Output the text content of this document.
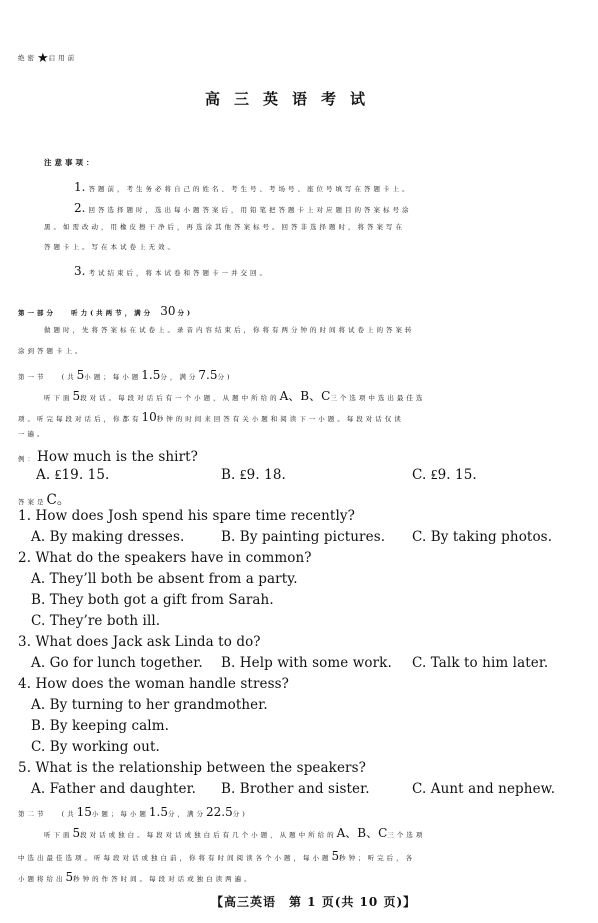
绝密★启用前
高三英语考试
注意事项：
1. 答题前，考生务必将自己的姓名、考生号、考场号、座位号填写在答题卡上。
2. 回答选择题时，选出每小题答案后，用铅笔把答题卡上对应题目的答案标号涂
黑。如需改动，用橡皮擦干净后，再选涂其他答案标号。回答非选择题时，将答案写在
答题卡上。写在本试卷上无效。
3. 考试结束后，将本试卷和答题卡一并交回。
第一部分 听力(共两节，满分 30 分)
做题时，先将答案标在试卷上。录音内容结束后，你将有两分钟的时间将试卷上的答案转
涂到答题卡上。
第一节 (共5小题；每小题1.5分，满分7.5分)
听下面5段对话。每段对话后有一个小题，从题中所给的A、B、C三个选项中选出最佳选
项。听完每段对话后，你都有10秒钟的时间来回答有关小题和阅读下一小题。每段对话仅读
一遍。
例：How much is the shirt?
A. ₤19. 15.	B. ₤9. 18.	C. ₤9. 15.
答案是C。
1. How does Josh spend his spare time recently?
A. By making dresses.	B. By painting pictures. C. By taking photos.
2. What do the speakers have in common?
A. They’ll both be absent from a party.
B. They both got a gift from Sarah.
C. They’re both ill.
3. What does Jack ask Linda to do?
A. Go for lunch together. B. Help with some work. C. Talk to him later.
4. How does the woman handle stress?
A. By turning to her grandmother.
B. By keeping calm.
C. By working out.
5. What is the relationship between the speakers?
A. Father and daughter. B. Brother and sister.	C. Aunt and nephew.
第二节 (共15小题；每小题1.5分，满分22.5分)
听下面5段对话或独白。每段对话或独白后有几个小题，从题中所给的A、B、C三个选项
中选出最佳选项。听每段对话或独白前，你将有时间阅读各个小题，每小题5秒钟；听完后，各
小题将给出5秒钟的作答时间。每段对话或独白读两遍。
【高三英语　第 1 页(共 10 页)】
